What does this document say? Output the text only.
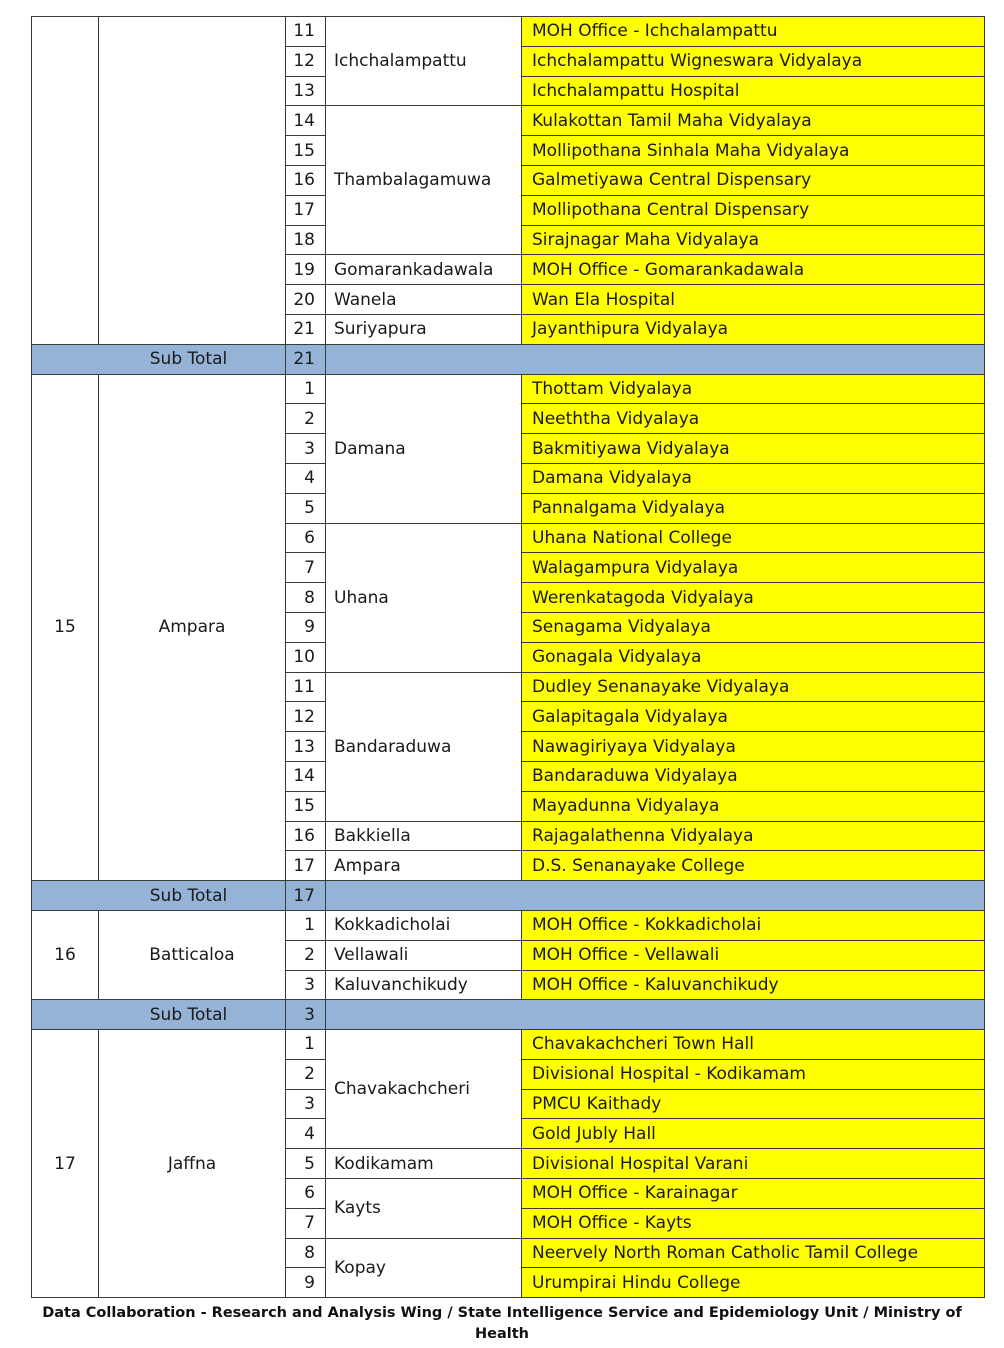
		11	Ichchalampattu	MOH Office - Ichchalampattu
		12		Ichchalampattu Wigneswara Vidyalaya
		13		Ichchalampattu Hospital
		14	Thambalagamuwa	Kulakottan Tamil Maha Vidyalaya
		15		Mollipothana Sinhala Maha Vidyalaya
		16		Galmetiyawa Central Dispensary
		17		Mollipothana Central Dispensary
		18		Sirajnagar Maha Vidyalaya
		19	Gomarankadawala	MOH Office - Gomarankadawala
		20	Wanela	Wan Ela Hospital
		21	Suriyapura	Jayanthipura Vidyalaya
Sub Total		21		
15	Ampara	1	Damana	Thottam Vidyalaya
		2		Neeththa Vidyalaya
		3		Bakmitiyawa Vidyalaya
		4		Damana Vidyalaya
		5		Pannalgama Vidyalaya
		6	Uhana	Uhana National College
		7		Walagampura Vidyalaya
		8		Werenkatagoda Vidyalaya
		9		Senagama Vidyalaya
		10		Gonagala Vidyalaya
		11	Bandaraduwa	Dudley Senanayake Vidyalaya
		12		Galapitagala Vidyalaya
		13		Nawagiriyaya Vidyalaya
		14		Bandaraduwa Vidyalaya
		15		Mayadunna Vidyalaya
		16	Bakkiella	Rajagalathenna Vidyalaya
		17	Ampara	D.S. Senanayake College
Sub Total		17		
16	Batticaloa	1	Kokkadicholai	MOH Office - Kokkadicholai
		2	Vellawali	MOH Office - Vellawali
		3	Kaluvanchikudy	MOH Office - Kaluvanchikudy
Sub Total		3		
17	Jaffna	1	Chavakachcheri	Chavakachcheri Town Hall
		2		Divisional Hospital - Kodikamam
		3		PMCU Kaithady
		4		Gold Jubly Hall
		5	Kodikamam	Divisional Hospital Varani
		6	Kayts	MOH Office - Karainagar
		7		MOH Office - Kayts
		8	Kopay	Neervely North Roman Catholic Tamil College
		9		Urumpirai Hindu College
Data Collaboration - Research and Analysis Wing / State Intelligence Service and Epidemiology Unit / Ministry of Health
